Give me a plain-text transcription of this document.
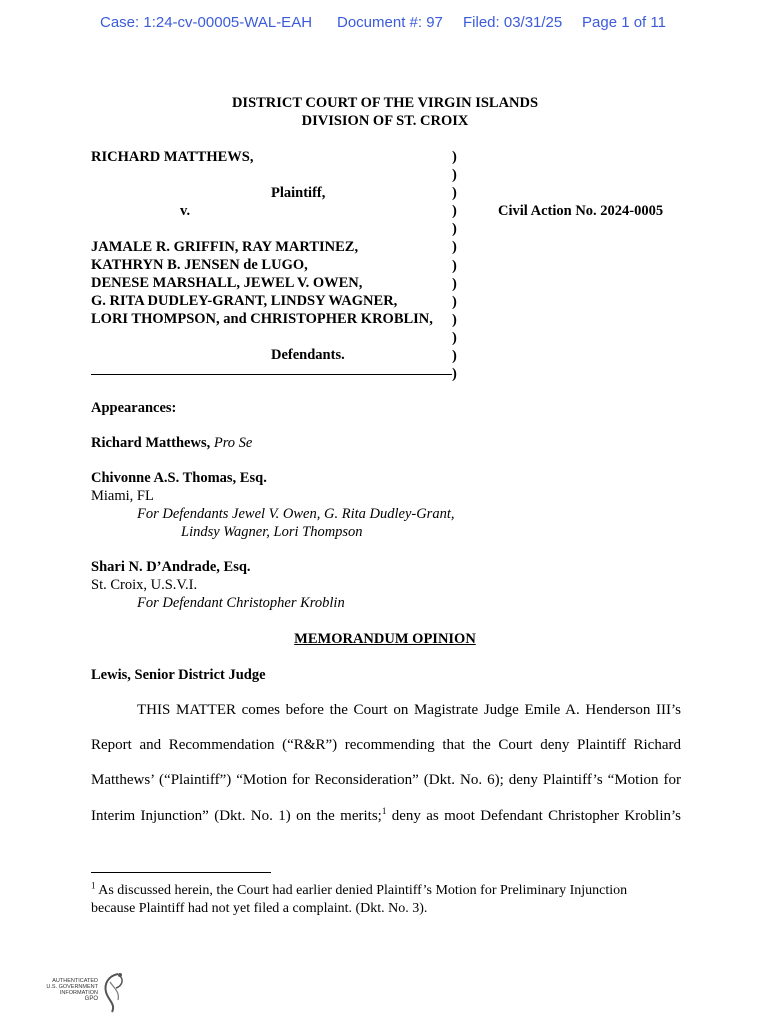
Case: 1:24-cv-00005-WAL-EAH Document #: 97 Filed: 03/31/25 Page 1 of 11
DISTRICT COURT OF THE VIRGIN ISLANDS
DIVISION OF ST. CROIX
RICHARD MATTHEWS,
Plaintiff,
v.	Civil Action No. 2024-0005
JAMALE R. GRIFFIN, RAY MARTINEZ,
KATHRYN B. JENSEN de LUGO,
DENESE MARSHALL, JEWEL V. OWEN,
G. RITA DUDLEY-GRANT, LINDSY WAGNER,
LORI THOMPSON, and CHRISTOPHER KROBLIN,
Defendants.
)
)
)
)
)
)
)
)
)
)
)
)
)
Appearances:
Richard Matthews, Pro Se
Chivonne A.S. Thomas, Esq.
Miami, FL
For Defendants Jewel V. Owen, G. Rita Dudley-Grant,
Lindsy Wagner, Lori Thompson
Shari N. D’Andrade, Esq.
St. Croix, U.S.V.I.
For Defendant Christopher Kroblin
MEMORANDUM OPINION
Lewis, Senior District Judge
THIS MATTER comes before the Court on Magistrate Judge Emile A. Henderson III’s
Report and Recommendation (“R&R”) recommending that the Court deny Plaintiff Richard
Matthews’ (“Plaintiff”) “Motion for Reconsideration” (Dkt. No. 6); deny Plaintiff’s “Motion for
Interim Injunction” (Dkt. No. 1) on the merits;$^1$ deny as moot Defendant Christopher Kroblin’s
$^1$ As discussed herein, the Court had earlier denied Plaintiff’s Motion for Preliminary Injunction
because Plaintiff had not yet filed a complaint. (Dkt. No. 3).
AUTHENTICATED
U.S. GOVERNMENT
INFORMATION
GPO
